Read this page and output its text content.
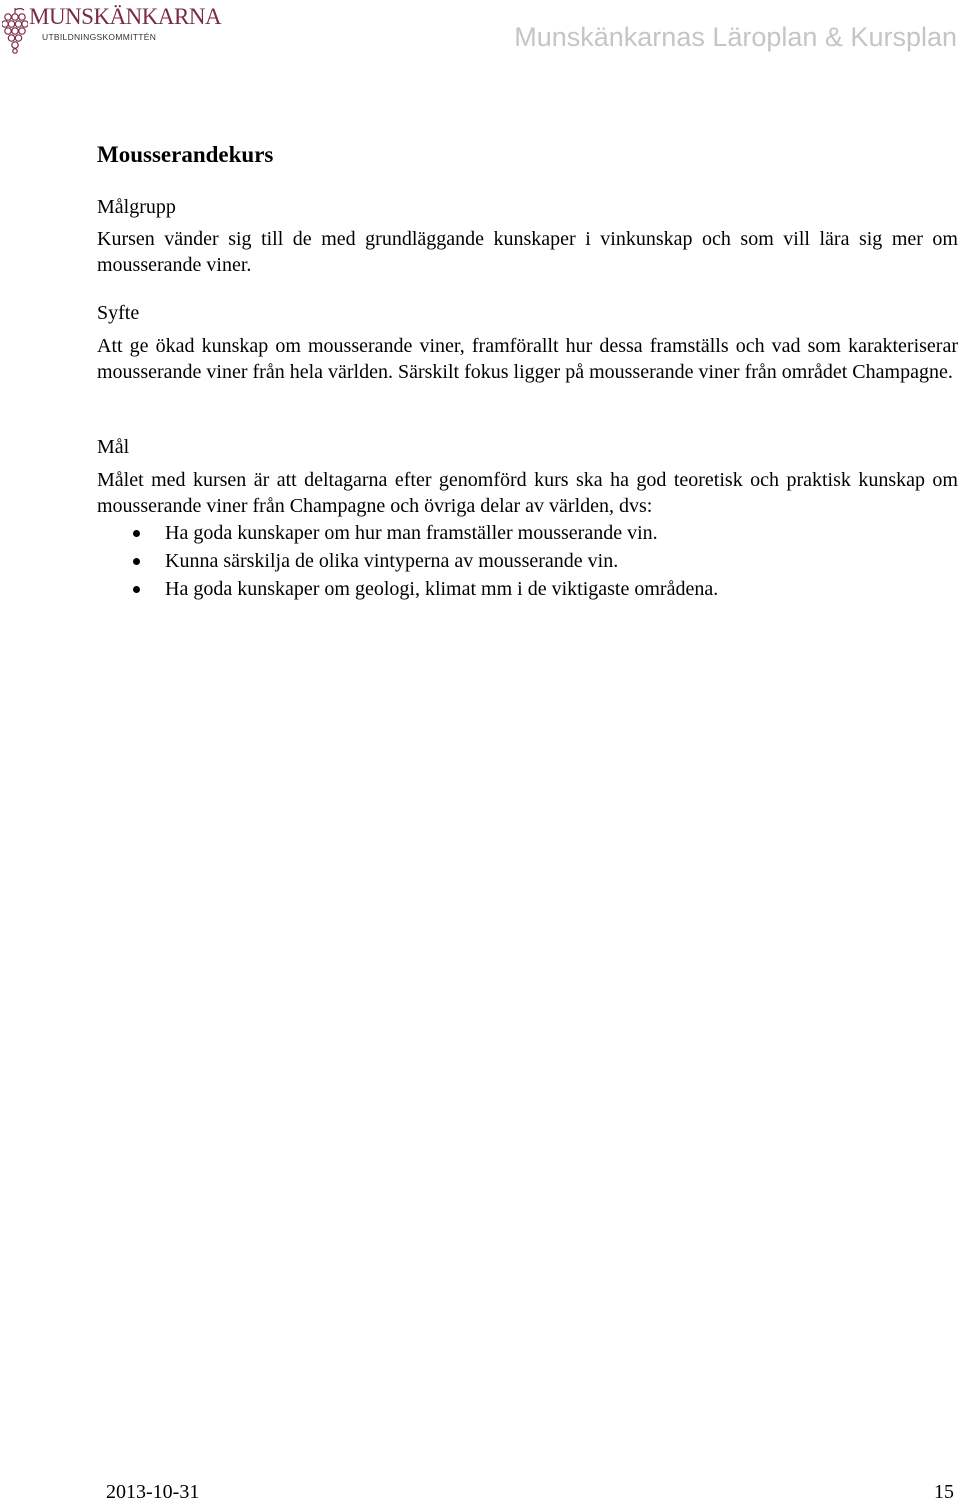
MUNSKÄNKARNA
UTBILDNINGSKOMMITTÉN	Munskänkarnas Läroplan & Kursplan
Mousserandekurs
Målgrupp
Kursen vänder sig till de med grundläggande kunskaper i vinkunskap och som vill lära sig mer om mousserande viner.
Syfte
Att ge ökad kunskap om mousserande viner, framförallt hur dessa framställs och vad som karakteriserar mousserande viner från hela världen. Särskilt fokus ligger på mousserande viner från området Champagne.
Mål
Målet med kursen är att deltagarna efter genomförd kurs ska ha god teoretisk och praktisk kunskap om mousserande viner från Champagne och övriga delar av världen, dvs:
Ha goda kunskaper om hur man framställer mousserande vin.
Kunna särskilja de olika vintyperna av mousserande vin.
Ha goda kunskaper om geologi, klimat mm i de viktigaste områdena.
2013-10-31	15
